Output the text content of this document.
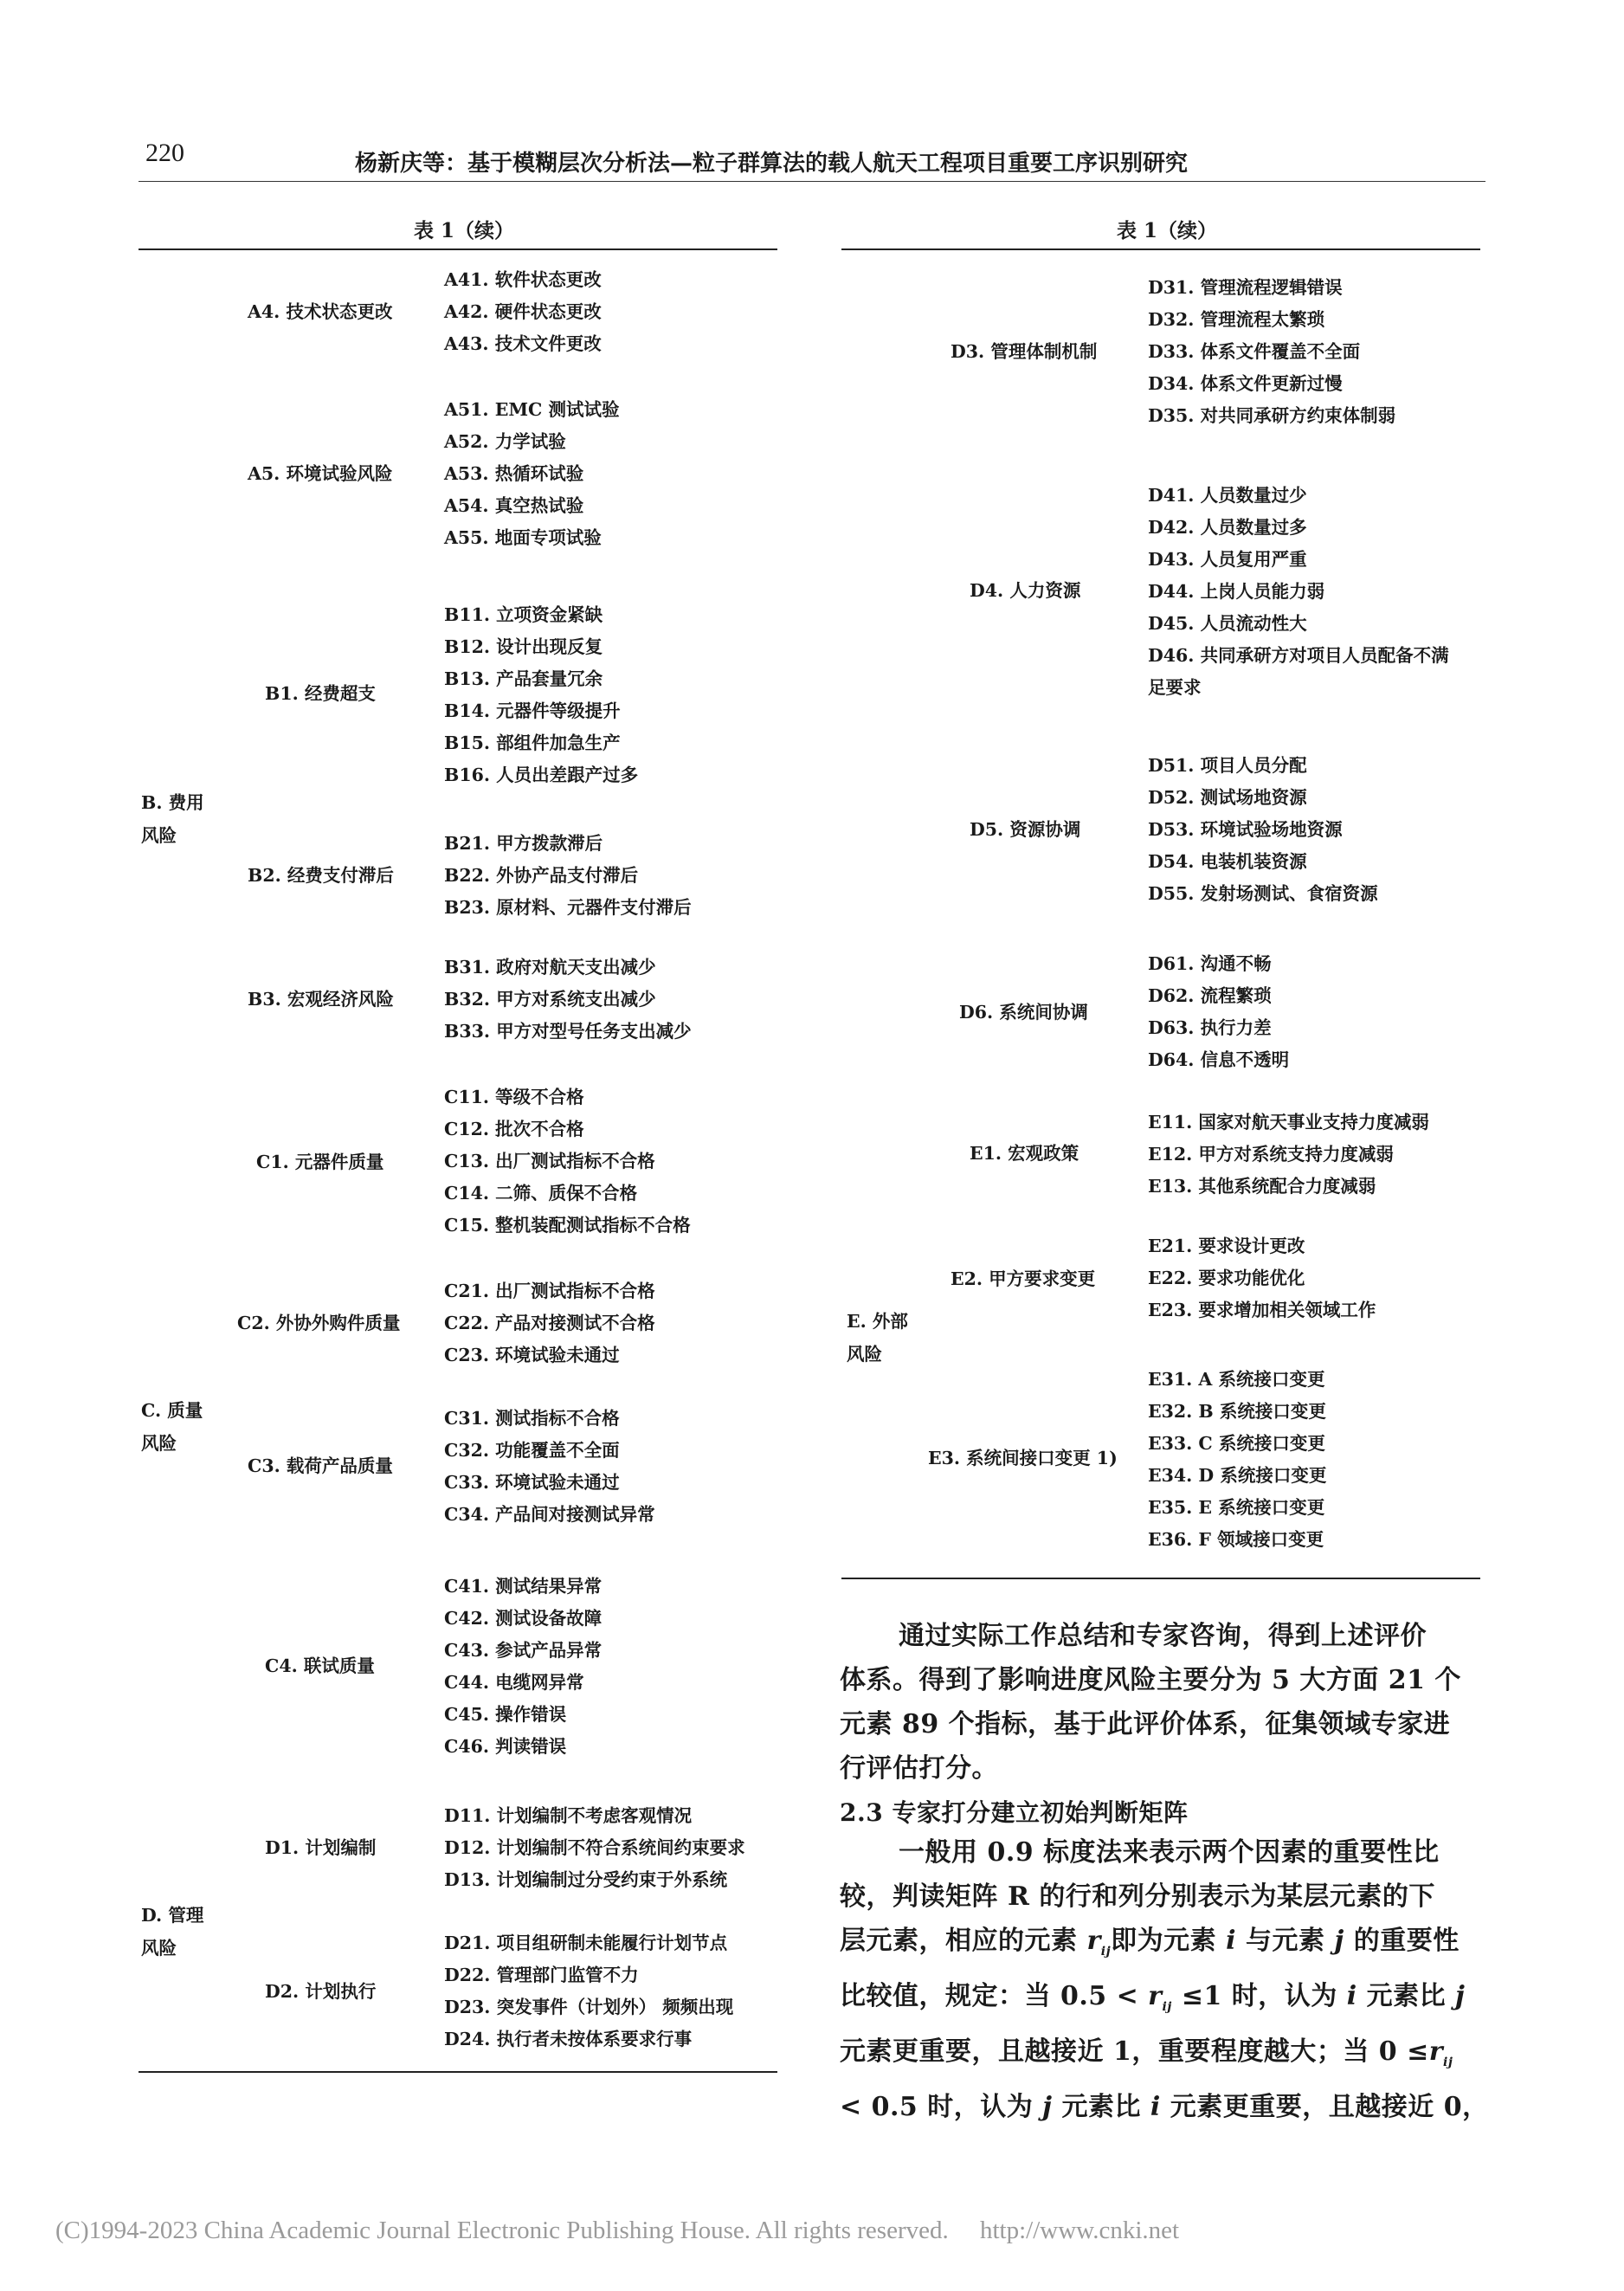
220	杨新庆等：基于模糊层次分析法—粒子群算法的载人航天工程项目重要工序识别研究
表 1（续）
B. 费用
风险
C. 质量
风险
D. 管理
风险
A4. 技术状态更改
A5. 环境试验风险
B1. 经费超支
B2. 经费支付滞后
B3. 宏观经济风险
C1. 元器件质量
C2. 外协外购件质量
C3. 载荷产品质量
C4. 联试质量
D1. 计划编制
D2. 计划执行
A41. 软件状态更改
A42. 硬件状态更改
A43. 技术文件更改
A51. EMC 测试试验
A52. 力学试验
A53. 热循环试验
A54. 真空热试验
A55. 地面专项试验
B11. 立项资金紧缺
B12. 设计出现反复
B13. 产品套量冗余
B14. 元器件等级提升
B15. 部组件加急生产
B16. 人员出差跟产过多
B21. 甲方拨款滞后
B22. 外协产品支付滞后
B23. 原材料、元器件支付滞后
B31. 政府对航天支出减少
B32. 甲方对系统支出减少
B33. 甲方对型号任务支出减少
C11. 等级不合格
C12. 批次不合格
C13. 出厂测试指标不合格
C14. 二筛、质保不合格
C15. 整机装配测试指标不合格
C21. 出厂测试指标不合格
C22. 产品对接测试不合格
C23. 环境试验未通过
C31. 测试指标不合格
C32. 功能覆盖不全面
C33. 环境试验未通过
C34. 产品间对接测试异常
C41. 测试结果异常
C42. 测试设备故障
C43. 参试产品异常
C44. 电缆网异常
C45. 操作错误
C46. 判读错误
D11. 计划编制不考虑客观情况
D12. 计划编制不符合系统间约束要求
D13. 计划编制过分受约束于外系统
D21. 项目组研制未能履行计划节点
D22. 管理部门监管不力
D23. 突发事件（计划外） 频频出现
D24. 执行者未按体系要求行事
表 1（续）
E. 外部
风险
D3. 管理体制机制
D4. 人力资源
D5. 资源协调
D6. 系统间协调
E1. 宏观政策
E2. 甲方要求变更
E3. 系统间接口变更 1)
D31. 管理流程逻辑错误
D32. 管理流程太繁琐
D33. 体系文件覆盖不全面
D34. 体系文件更新过慢
D35. 对共同承研方约束体制弱
D41. 人员数量过少
D42. 人员数量过多
D43. 人员复用严重
D44. 上岗人员能力弱
D45. 人员流动性大
D46. 共同承研方对项目人员配备不满
足要求
D51. 项目人员分配
D52. 测试场地资源
D53. 环境试验场地资源
D54. 电装机装资源
D55. 发射场测试、食宿资源
D61. 沟通不畅
D62. 流程繁琐
D63. 执行力差
D64. 信息不透明
E11. 国家对航天事业支持力度减弱
E12. 甲方对系统支持力度减弱
E13. 其他系统配合力度减弱
E21. 要求设计更改
E22. 要求功能优化
E23. 要求增加相关领域工作
E31. A 系统接口变更
E32. B 系统接口变更
E33. C 系统接口变更
E34. D 系统接口变更
E35. E 系统接口变更
E36. F 领域接口变更

通过实际工作总结和专家咨询，得到上述评价

体系。得到了影响进度风险主要分为 5 大方面 21 个

元素 89 个指标，基于此评价体系，征集领域专家进

行评估打分。

2.3 专家打分建立初始判断矩阵

一般用 0.9 标度法来表示两个因素的重要性比

较，判读矩阵 R 的行和列分别表示为某层元素的下

层元素，相应的元素 $r_{ij}$即为元素 i 与元素 j 的重要性

比较值，规定：当 $0.5 < r_{ij} \le 1$ 时，认为 i 元素比 j

元素更重要，且越接近 1，重要程度越大；当 $0 \le r_{ij}$

< 0.5 时，认为 j 元素比 i 元素更重要，且越接近 0，

(C)1994-2023 China Academic Journal Electronic Publishing House. All rights reserved. http://www.cnki.net
